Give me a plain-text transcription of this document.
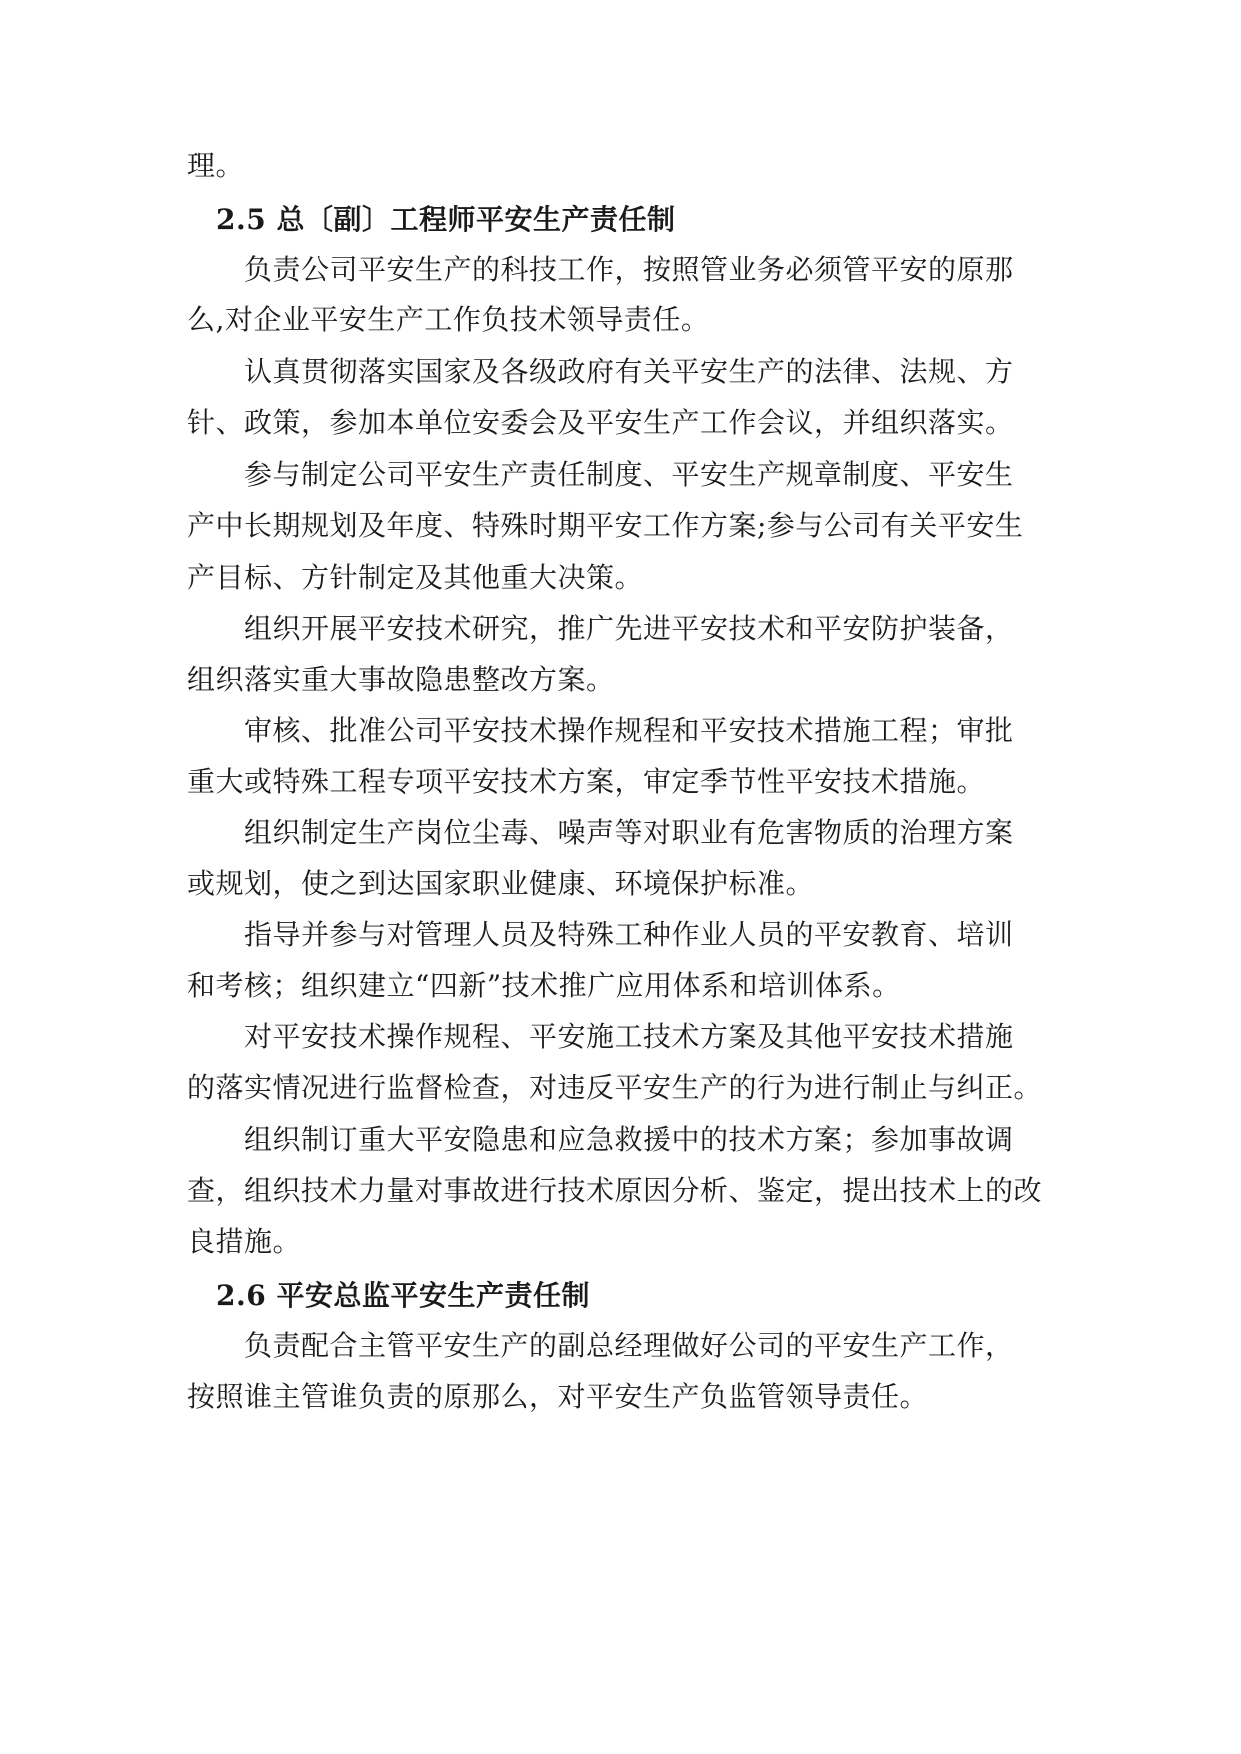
理。
2.5 总〔副〕工程师平安生产责任制
负责公司平安生产的科技工作，按照管业务必须管平安的原那
么,对企业平安生产工作负技术领导责任。
认真贯彻落实国家及各级政府有关平安生产的法律、法规、方
针、政策，参加本单位安委会及平安生产工作会议，并组织落实。
参与制定公司平安生产责任制度、平安生产规章制度、平安生
产中长期规划及年度、特殊时期平安工作方案;参与公司有关平安生
产目标、方针制定及其他重大决策。
组织开展平安技术研究，推广先进平安技术和平安防护装备，
组织落实重大事故隐患整改方案。
审核、批准公司平安技术操作规程和平安技术措施工程；审批
重大或特殊工程专项平安技术方案，审定季节性平安技术措施。
组织制定生产岗位尘毒、噪声等对职业有危害物质的治理方案
或规划，使之到达国家职业健康、环境保护标准。
指导并参与对管理人员及特殊工种作业人员的平安教育、培训
和考核；组织建立“四新”技术推广应用体系和培训体系。
对平安技术操作规程、平安施工技术方案及其他平安技术措施
的落实情况进行监督检查，对违反平安生产的行为进行制止与纠正。
组织制订重大平安隐患和应急救援中的技术方案；参加事故调
查，组织技术力量对事故进行技术原因分析、鉴定，提出技术上的改
良措施。
2.6 平安总监平安生产责任制
负责配合主管平安生产的副总经理做好公司的平安生产工作，
按照谁主管谁负责的原那么，对平安生产负监管领导责任。
